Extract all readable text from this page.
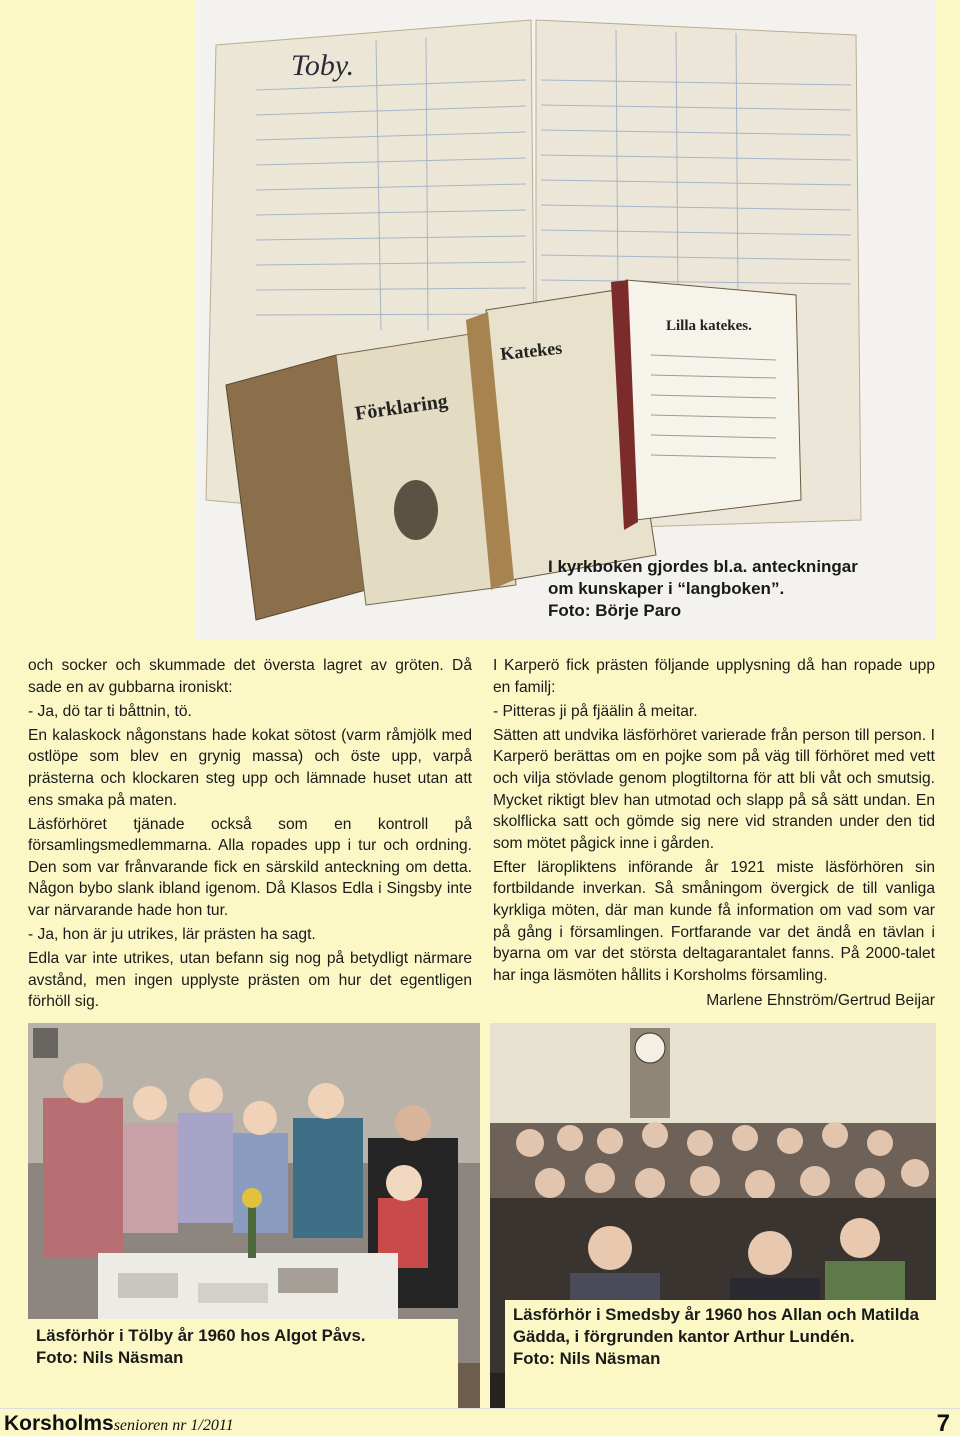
Toby.
Förklaring
Katekes
Lilla katekes.

I kyrkboken gjordes bl.a. anteckningar

om kunskaper i “langboken”.

Foto: Börje Paro

och socker och skummade det översta lagret av gröten. Då sade en av gubbarna ironiskt:

- Ja, dö tar ti båttnin, tö.

En kalaskock någonstans hade kokat sötost (varm råmjölk med ostlöpe som blev en grynig massa) och öste upp, varpå prästerna och klockaren steg upp och lämnade huset utan att ens smaka på maten.

Läsförhöret tjänade också som en kontroll på församlingsmedlemmarna. Alla ropades upp i tur och ordning. Den som var frånvarande fick en särskild anteckning om detta. Någon bybo slank ibland igenom. Då Klasos Edla i Singsby inte var närvarande hade hon tur.

- Ja, hon är ju utrikes, lär prästen ha sagt.

Edla var inte utrikes, utan befann sig nog på betydligt närmare avstånd, men ingen upplyste prästen om hur det egentligen förhöll sig.

I Karperö fick prästen följande upplysning då han ropade upp en familj:

- Pitteras ji på fjäälin å meitar.

Sätten att undvika läsförhöret varierade från person till person. I Karperö berättas om en pojke som på väg till förhöret med vett och vilja stövlade genom plogtiltorna för att bli våt och smutsig. Mycket riktigt blev han utmotad och slapp på så sätt undan. En skolflicka satt och gömde sig nere vid stranden under den tid som mötet pågick inne i gården.

Efter läropliktens införande år 1921 miste läsförhören sin fortbildande inverkan. Så småningom övergick de till vanliga kyrkliga möten, där man kunde få information om vad som var på gång i församlingen. Fortfarande var det ändå en tävlan i byarna om var det största deltagarantalet fanns. På 2000-talet har inga läsmöten hållits i Korsholms församling.

Marlene Ehnström/Gertrud Beijar

Läsförhör i Tölby år 1960 hos Algot Påvs.

Foto: Nils Näsman

Läsförhör i Smedsby år 1960 hos Allan och Matilda Gädda, i förgrunden kantor Arthur Lundén.

Foto: Nils Näsman

Korsholmssenioren nr 1/2011	7
